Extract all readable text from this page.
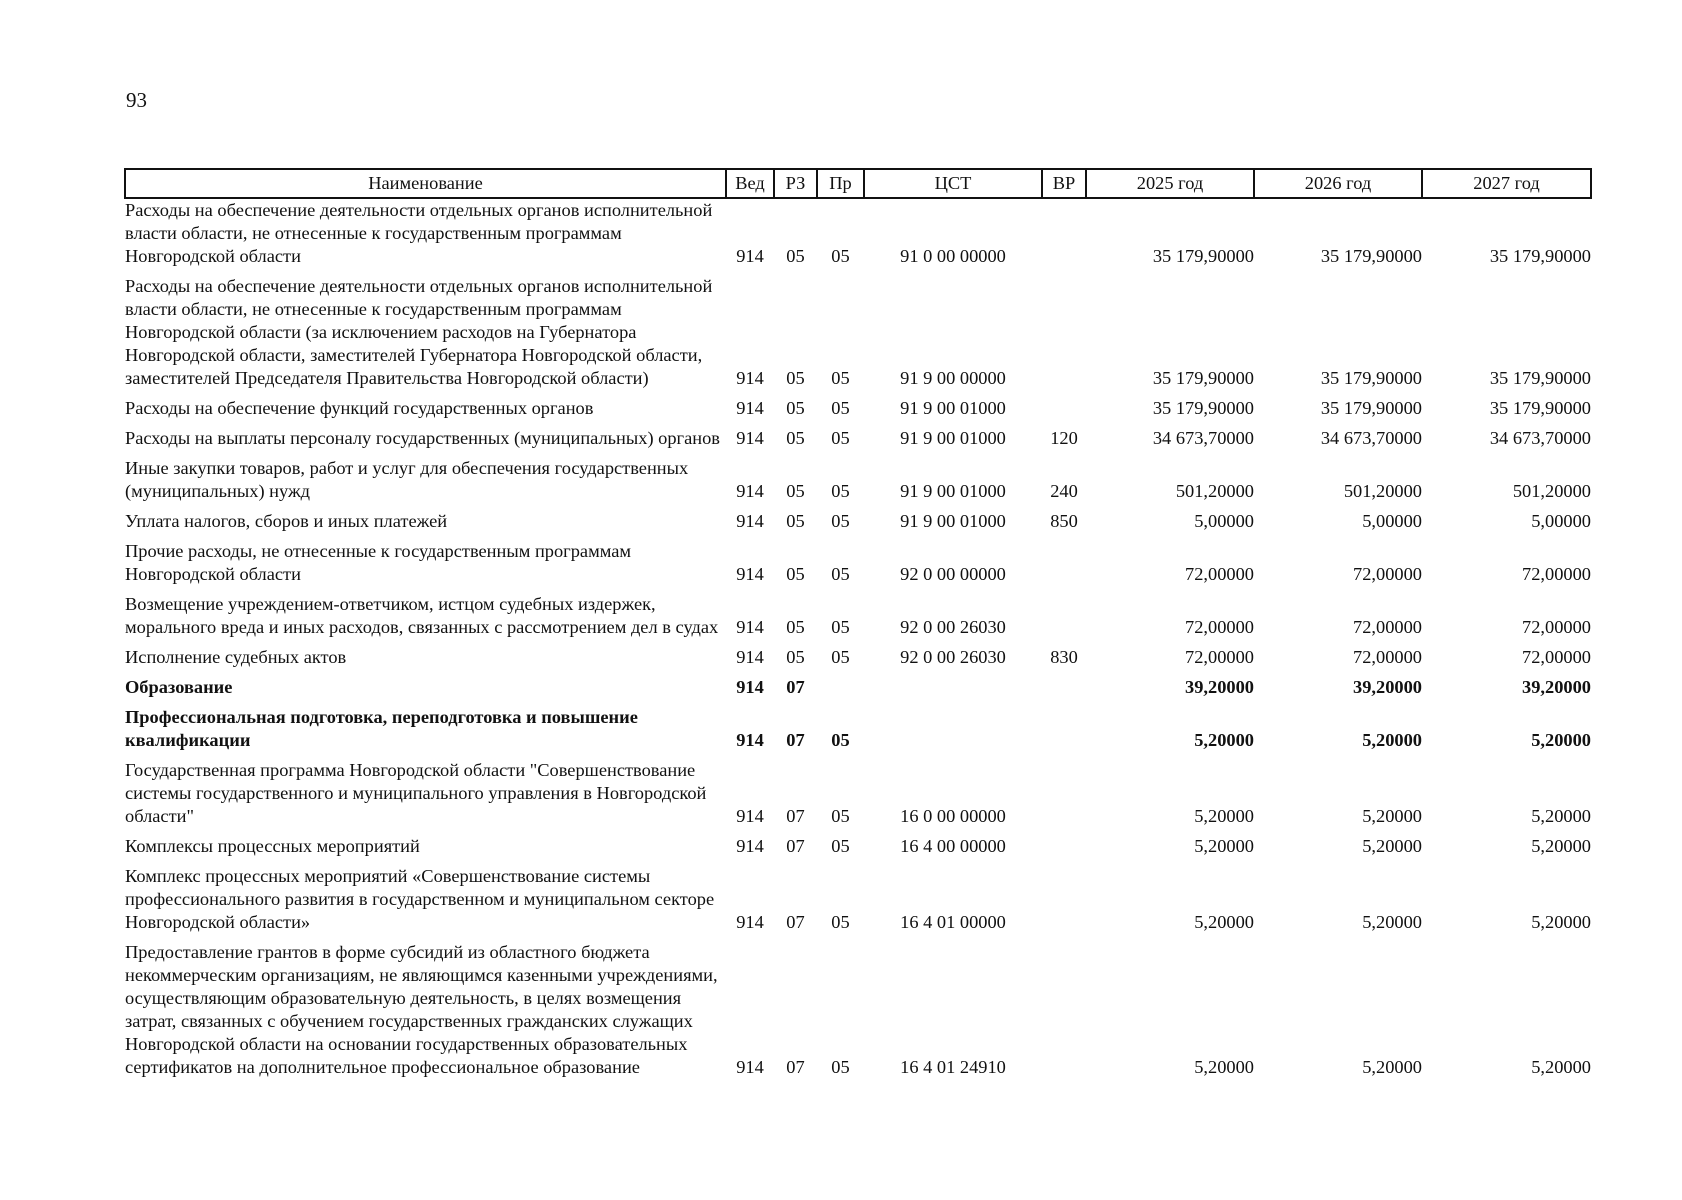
93
Наименование	Вед	РЗ	Пр	ЦСТ	ВР	2025 год	2026 год	2027 год
Расходы на обеспечение деятельности отдельных органов исполнительной власти области, не отнесенные к государственным программам Новгородской области	914	05	05	91 0 00 00000		35 179,90000	35 179,90000	35 179,90000
Расходы на обеспечение деятельности отдельных органов исполнительной власти области, не отнесенные к государственным программам Новгородской области (за исключением расходов на Губернатора Новгородской области, заместителей Губернатора Новгородской области, заместителей Председателя Правительства Новгородской области)	914	05	05	91 9 00 00000		35 179,90000	35 179,90000	35 179,90000
Расходы на обеспечение функций государственных органов	914	05	05	91 9 00 01000		35 179,90000	35 179,90000	35 179,90000
Расходы на выплаты персоналу государственных (муниципальных) органов	914	05	05	91 9 00 01000	120	34 673,70000	34 673,70000	34 673,70000
Иные закупки товаров, работ и услуг для обеспечения государственных (муниципальных) нужд	914	05	05	91 9 00 01000	240	501,20000	501,20000	501,20000
Уплата налогов, сборов и иных платежей	914	05	05	91 9 00 01000	850	5,00000	5,00000	5,00000
Прочие расходы, не отнесенные к государственным программам Новгородской области	914	05	05	92 0 00 00000		72,00000	72,00000	72,00000
Возмещение учреждением-ответчиком, истцом судебных издержек, морального вреда и иных расходов, связанных с рассмотрением дел в судах	914	05	05	92 0 00 26030		72,00000	72,00000	72,00000
Исполнение судебных актов	914	05	05	92 0 00 26030	830	72,00000	72,00000	72,00000
Образование	914	07				39,20000	39,20000	39,20000
Профессиональная подготовка, переподготовка и повышение квалификации	914	07	05			5,20000	5,20000	5,20000
Государственная программа Новгородской области "Совершенствование системы государственного и муниципального управления в Новгородской области"	914	07	05	16 0 00 00000		5,20000	5,20000	5,20000
Комплексы процессных мероприятий	914	07	05	16 4 00 00000		5,20000	5,20000	5,20000
Комплекс процессных мероприятий «Совершенствование системы профессионального развития в государственном и муниципальном секторе Новгородской области»	914	07	05	16 4 01 00000		5,20000	5,20000	5,20000
Предоставление грантов в форме субсидий из областного бюджета некоммерческим организациям, не являющимся казенными учреждениями, осуществляющим образовательную деятельность, в целях возмещения затрат, связанных с обучением государственных гражданских служащих Новгородской области на основании государственных образовательных сертификатов на дополнительное профессиональное образование	914	07	05	16 4 01 24910		5,20000	5,20000	5,20000
